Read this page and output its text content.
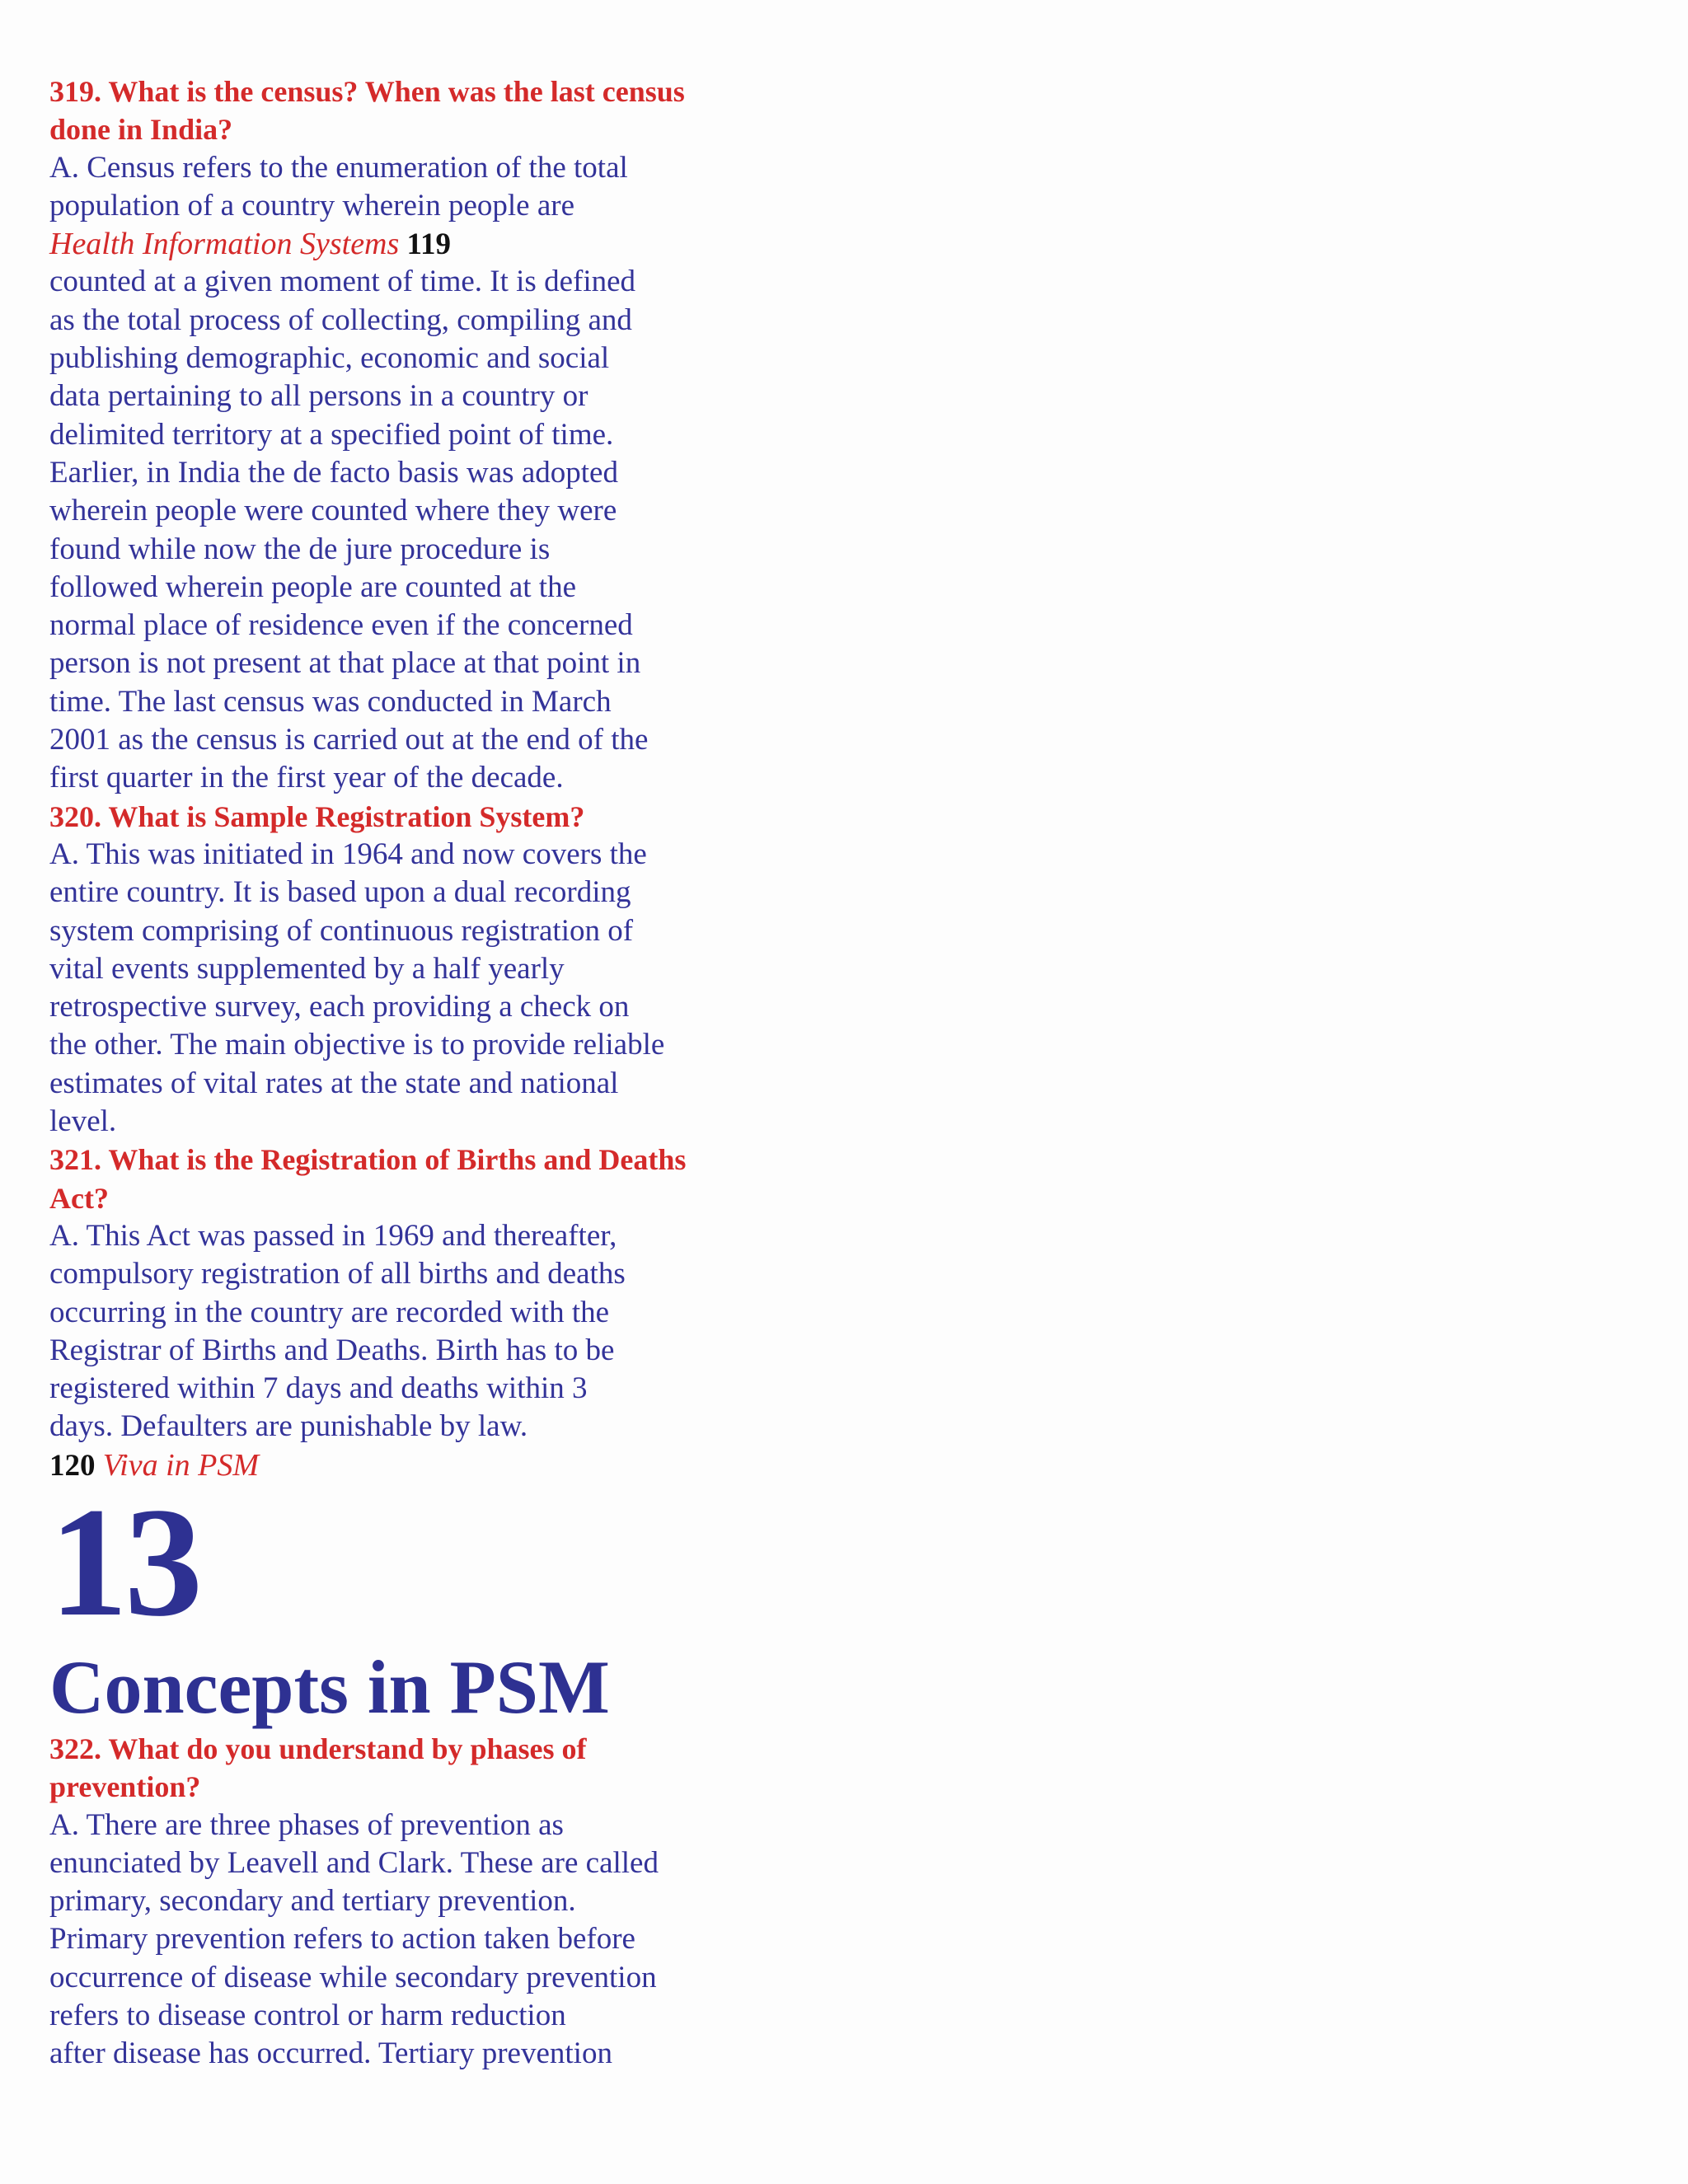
319. What is the census? When was the last census
done in India?
A. Census refers to the enumeration of the total
population of a country wherein people are
Health Information Systems 119
counted at a given moment of time. It is defined
as the total process of collecting, compiling and
publishing demographic, economic and social
data pertaining to all persons in a country or
delimited territory at a specified point of time.
Earlier, in India the de facto basis was adopted
wherein people were counted where they were
found while now the de jure procedure is
followed wherein people are counted at the
normal place of residence even if the concerned
person is not present at that place at that point in
time. The last census was conducted in March
2001 as the census is carried out at the end of the
first quarter in the first year of the decade.
320. What is Sample Registration System?
A. This was initiated in 1964 and now covers the
entire country. It is based upon a dual recording
system comprising of continuous registration of
vital events supplemented by a half yearly
retrospective survey, each providing a check on
the other. The main objective is to provide reliable
estimates of vital rates at the state and national
level.
321. What is the Registration of Births and Deaths
Act?
A. This Act was passed in 1969 and thereafter,
compulsory registration of all births and deaths
occurring in the country are recorded with the
Registrar of Births and Deaths. Birth has to be
registered within 7 days and deaths within 3
days. Defaulters are punishable by law.
120 Viva in PSM
13
Concepts in PSM
322. What do you understand by phases of
prevention?
A. There are three phases of prevention as
enunciated by Leavell and Clark. These are called
primary, secondary and tertiary prevention.
Primary prevention refers to action taken before
occurrence of disease while secondary prevention
refers to disease control or harm reduction
after disease has occurred. Tertiary prevention
